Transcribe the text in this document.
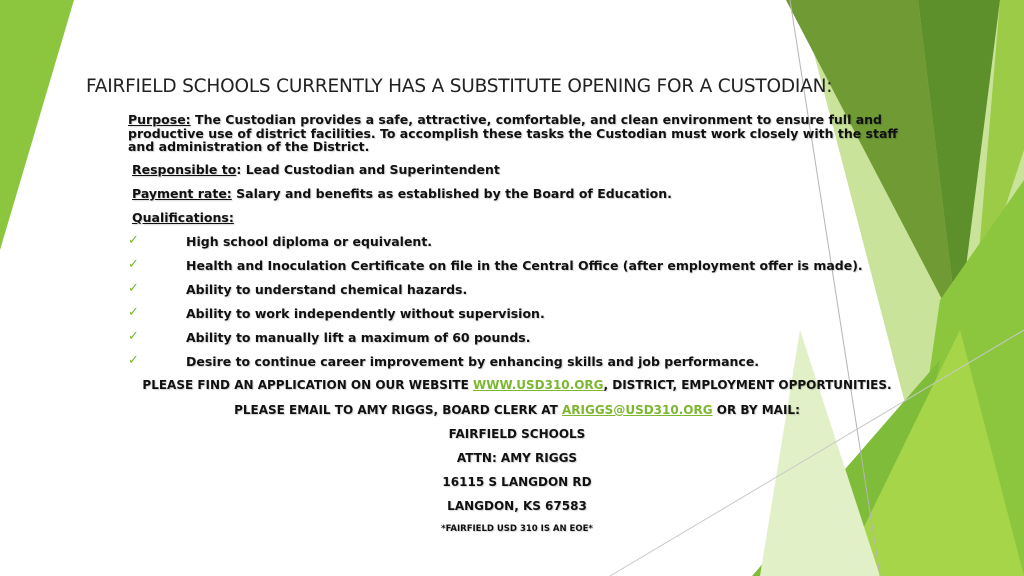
FAIRFIELD SCHOOLS CURRENTLY HAS A SUBSTITUTE OPENING FOR A CUSTODIAN:
Purpose: The Custodian provides a safe, attractive, comfortable, and clean environment to ensure full and productive use of district facilities. To accomplish these tasks the Custodian must work closely with the staff and administration of the District.
Responsible to: Lead Custodian and Superintendent
Payment rate: Salary and benefits as established by the Board of Education.
Qualifications:
✓	High school diploma or equivalent.
✓	Health and Inoculation Certificate on file in the Central Office (after employment offer is made).
✓	Ability to understand chemical hazards.
✓	Ability to work independently without supervision.
✓	Ability to manually lift a maximum of 60 pounds.
✓	Desire to continue career improvement by enhancing skills and job performance.
PLEASE FIND AN APPLICATION ON OUR WEBSITE WWW.USD310.ORG, DISTRICT, EMPLOYMENT OPPORTUNITIES.
PLEASE EMAIL TO AMY RIGGS, BOARD CLERK AT ARIGGS@USD310.ORG OR BY MAIL:
FAIRFIELD SCHOOLS
ATTN: AMY RIGGS
16115 S LANGDON RD
LANGDON, KS 67583
*FAIRFIELD USD 310 IS AN EOE*
